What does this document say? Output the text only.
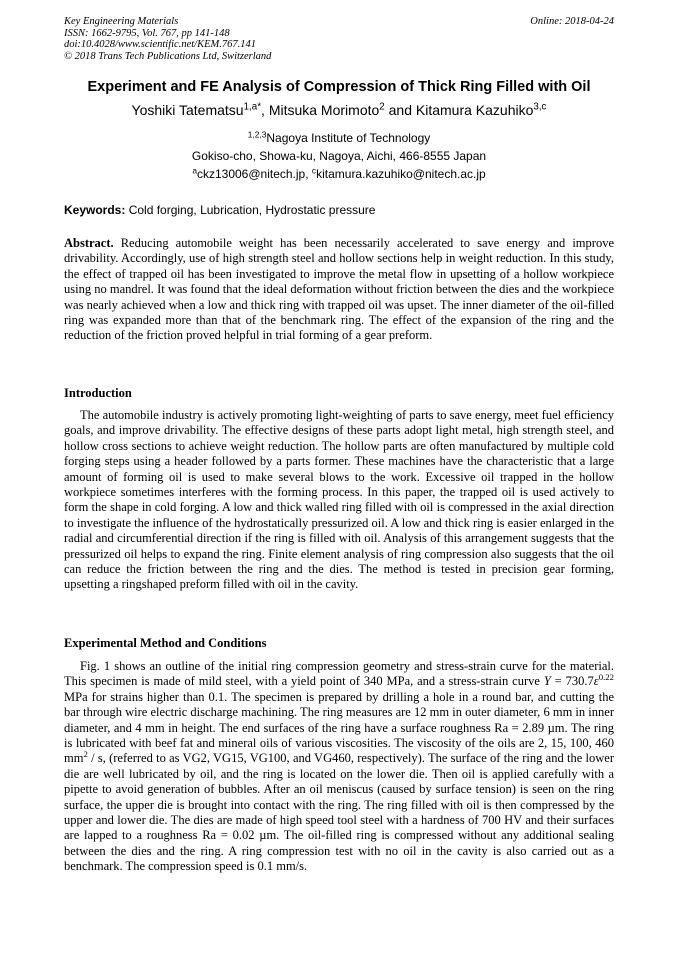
Key Engineering Materials
ISSN: 1662-9795, Vol. 767, pp 141-148
doi:10.4028/www.scientific.net/KEM.767.141
© 2018 Trans Tech Publications Ltd, Switzerland
Online: 2018-04-24
Experiment and FE Analysis of Compression of Thick Ring Filled with Oil
Yoshiki Tatematsu$^{1,a*}$, Mitsuka Morimoto$^2$ and Kitamura Kazuhiko$^{3,c}$
$^{1,2,3}$Nagoya Institute of Technology
Gokiso-cho, Showa-ku, Nagoya, Aichi, 466-8555 Japan
$^a$ckz13006@nitech.jp, $^c$kitamura.kazuhiko@nitech.ac.jp
Keywords: Cold forging, Lubrication, Hydrostatic pressure
Abstract. Reducing automobile weight has been necessarily accelerated to save energy and improve drivability. Accordingly, use of high strength steel and hollow sections help in weight reduction. In this study, the effect of trapped oil has been investigated to improve the metal flow in upsetting of a hollow workpiece using no mandrel. It was found that the ideal deformation without friction between the dies and the workpiece was nearly achieved when a low and thick ring with trapped oil was upset. The inner diameter of the oil-filled ring was expanded more than that of the benchmark ring. The effect of the expansion of the ring and the reduction of the friction proved helpful in trial forming of a gear preform.
Introduction
The automobile industry is actively promoting light-weighting of parts to save energy, meet fuel efficiency goals, and improve drivability. The effective designs of these parts adopt light metal, high strength steel, and hollow cross sections to achieve weight reduction. The hollow parts are often manufactured by multiple cold forging steps using a header followed by a parts former. These machines have the characteristic that a large amount of forming oil is used to make several blows to the work. Excessive oil trapped in the hollow workpiece sometimes interferes with the forming process. In this paper, the trapped oil is used actively to form the shape in cold forging. A low and thick walled ring filled with oil is compressed in the axial direction to investigate the influence of the hydrostatically pressurized oil. A low and thick ring is easier enlarged in the radial and circumferential direction if the ring is filled with oil. Analysis of this arrangement suggests that the pressurized oil helps to expand the ring. Finite element analysis of ring compression also suggests that the oil can reduce the friction between the ring and the dies. The method is tested in precision gear forming, upsetting a ringshaped preform filled with oil in the cavity.
Experimental Method and Conditions
Fig. 1 shows an outline of the initial ring compression geometry and stress-strain curve for the material. This specimen is made of mild steel, with a yield point of 340 MPa, and a stress-strain curve $Y = 730.7\varepsilon^{0.22}$ MPa for strains higher than 0.1. The specimen is prepared by drilling a hole in a round bar, and cutting the bar through wire electric discharge machining. The ring measures are 12 mm in outer diameter, 6 mm in inner diameter, and 4 mm in height. The end surfaces of the ring have a surface roughness Ra = 2.89 µm. The ring is lubricated with beef fat and mineral oils of various viscosities. The viscosity of the oils are 2, 15, 100, 460 $mm^2$ / s, (referred to as VG2, VG15, VG100, and VG460, respectively). The surface of the ring and the lower die are well lubricated by oil, and the ring is located on the lower die. Then oil is applied carefully with a pipette to avoid generation of bubbles. After an oil meniscus (caused by surface tension) is seen on the ring surface, the upper die is brought into contact with the ring. The ring filled with oil is then compressed by the upper and lower die. The dies are made of high speed tool steel with a hardness of 700 HV and their surfaces are lapped to a roughness Ra = 0.02 µm. The oil-filled ring is compressed without any additional sealing between the dies and the ring. A ring compression test with no oil in the cavity is also carried out as a benchmark. The compression speed is 0.1 mm/s.
